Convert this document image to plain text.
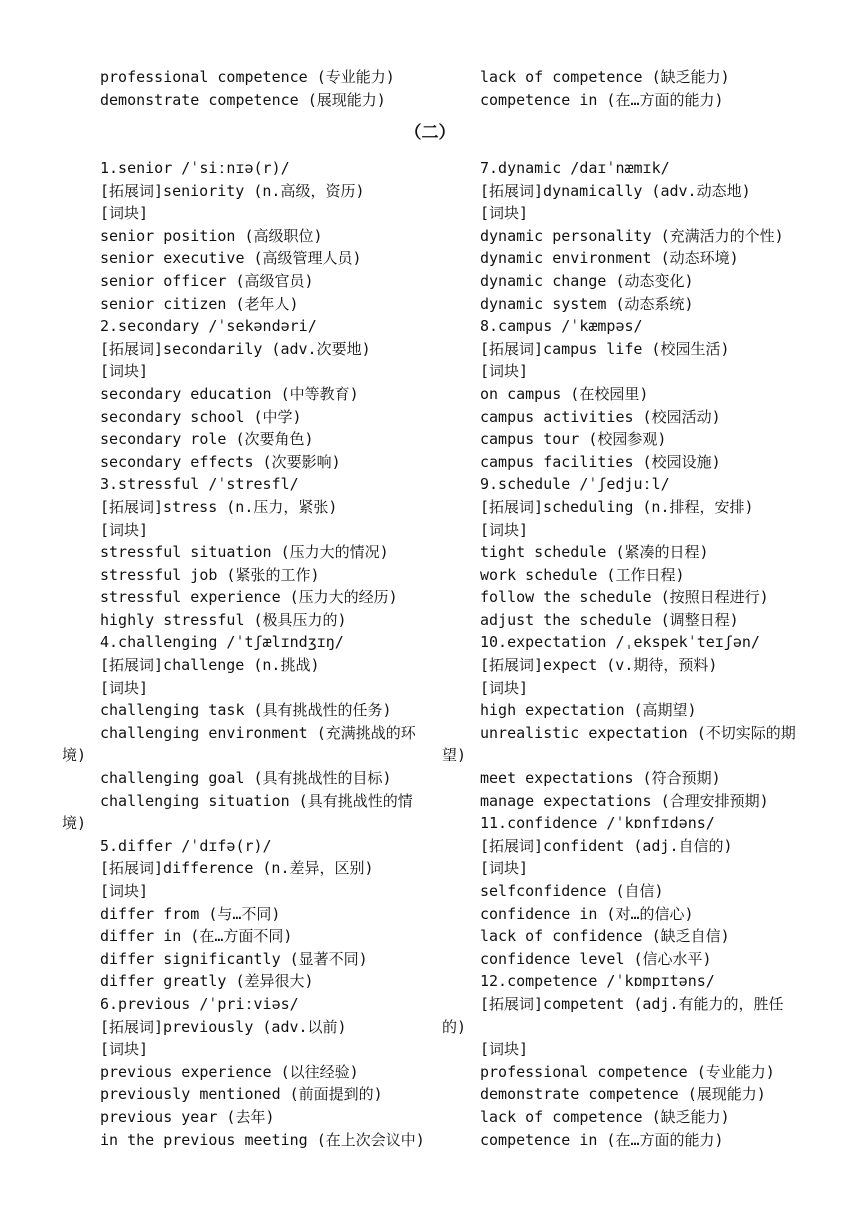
professional competence (专业能力)
demonstrate competence (展现能力)
lack of competence (缺乏能力)
competence in (在…方面的能力)
（二）
1.senior /ˈsiːnɪə(r)/
[拓展词]seniority (n.高级，资历)
[词块]
senior position (高级职位)
senior executive (高级管理人员)
senior officer (高级官员)
senior citizen (老年人)
2.secondary /ˈsekəndəri/
[拓展词]secondarily (adv.次要地)
[词块]
secondary education (中等教育)
secondary school (中学)
secondary role (次要角色)
secondary effects (次要影响)
3.stressful /ˈstresfl/
[拓展词]stress (n.压力，紧张)
[词块]
stressful situation (压力大的情况)
stressful job (紧张的工作)
stressful experience (压力大的经历)
highly stressful (极具压力的)
4.challenging /ˈtʃælɪndʒɪŋ/
[拓展词]challenge (n.挑战)
[词块]
challenging task (具有挑战性的任务)
challenging environment (充满挑战的环
境)
challenging goal (具有挑战性的目标)
challenging situation (具有挑战性的情
境)
5.differ /ˈdɪfə(r)/
[拓展词]difference (n.差异，区别)
[词块]
differ from (与…不同)
differ in (在…方面不同)
differ significantly (显著不同)
differ greatly (差异很大)
6.previous /ˈpriːviəs/
[拓展词]previously (adv.以前)
[词块]
previous experience (以往经验)
previously mentioned (前面提到的)
previous year (去年)
in the previous meeting (在上次会议中)
7.dynamic /daɪˈnæmɪk/
[拓展词]dynamically (adv.动态地)
[词块]
dynamic personality (充满活力的个性)
dynamic environment (动态环境)
dynamic change (动态变化)
dynamic system (动态系统)
8.campus /ˈkæmpəs/
[拓展词]campus life (校园生活)
[词块]
on campus (在校园里)
campus activities (校园活动)
campus tour (校园参观)
campus facilities (校园设施)
9.schedule /ˈʃedjuːl/
[拓展词]scheduling (n.排程，安排)
[词块]
tight schedule (紧凑的日程)
work schedule (工作日程)
follow the schedule (按照日程进行)
adjust the schedule (调整日程)
10.expectation /ˌekspekˈteɪʃən/
[拓展词]expect (v.期待，预料)
[词块]
high expectation (高期望)
unrealistic expectation (不切实际的期
望)
meet expectations (符合预期)
manage expectations (合理安排预期)
11.confidence /ˈkɒnfɪdəns/
[拓展词]confident (adj.自信的)
[词块]
selfconfidence (自信)
confidence in (对…的信心)
lack of confidence (缺乏自信)
confidence level (信心水平)
12.competence /ˈkɒmpɪtəns/
[拓展词]competent (adj.有能力的，胜任
的)
[词块]
professional competence (专业能力)
demonstrate competence (展现能力)
lack of competence (缺乏能力)
competence in (在…方面的能力)
